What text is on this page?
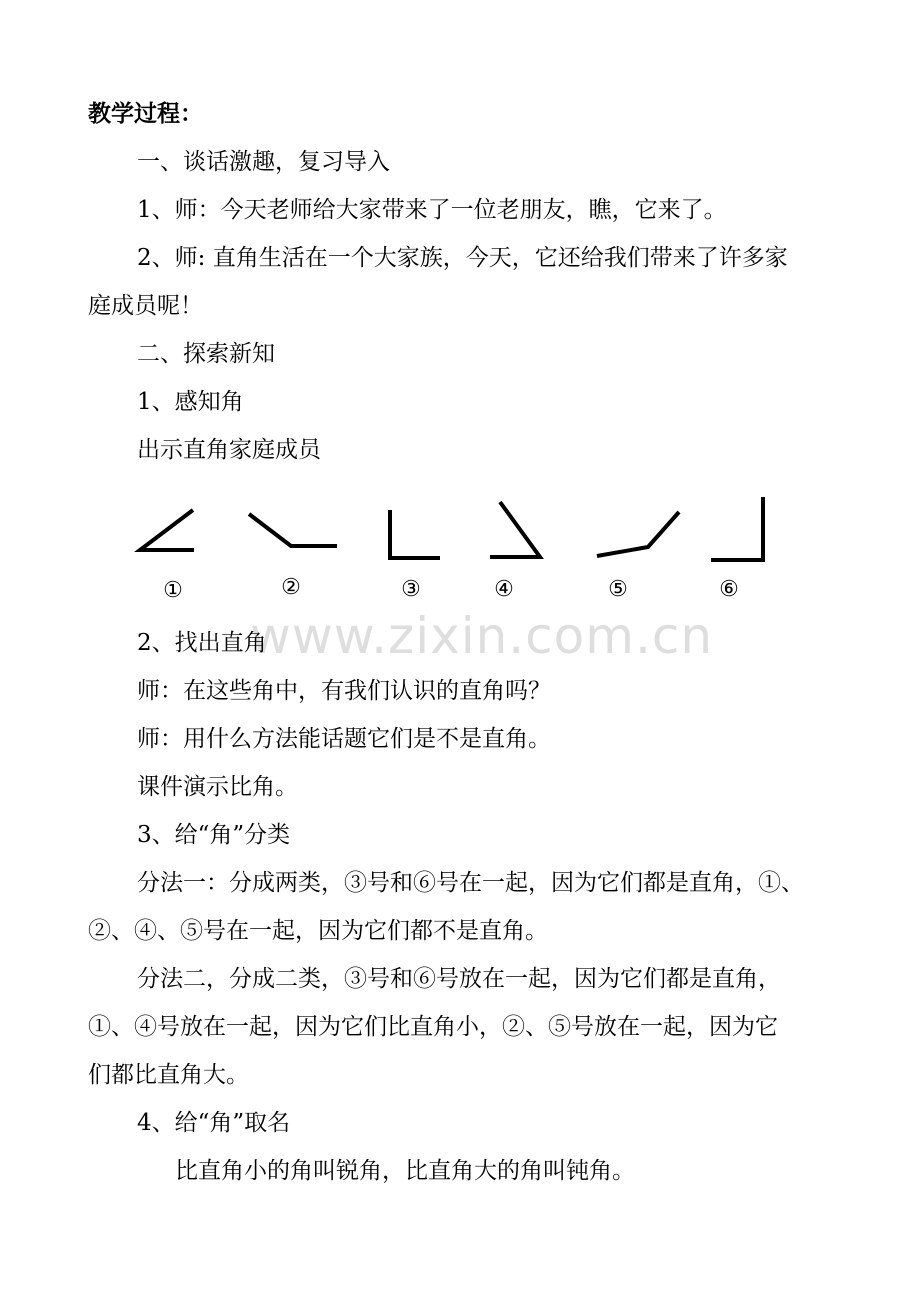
教学过程：
一、谈话激趣，复习导入
1、师：今天老师给大家带来了一位老朋友，瞧，它来了。
2、师: 直角生活在一个大家族，今天，它还给我们带来了许多家
庭成员呢！
二、探索新知
1、感知角
出示直角家庭成员
①	②	③	④	⑤	⑥
www.zixin.com.cn
2、找出直角
师：在这些角中，有我们认识的直角吗？
师：用什么方法能话题它们是不是直角。
课件演示比角。
3、给“角”分类
分法一：分成两类，③号和⑥号在一起，因为它们都是直角，①、
②、④、⑤号在一起，因为它们都不是直角。
分法二，分成二类，③号和⑥号放在一起，因为它们都是直角，
①、④号放在一起，因为它们比直角小，②、⑤号放在一起，因为它
们都比直角大。
4、给“角”取名
比直角小的角叫锐角，比直角大的角叫钝角。
